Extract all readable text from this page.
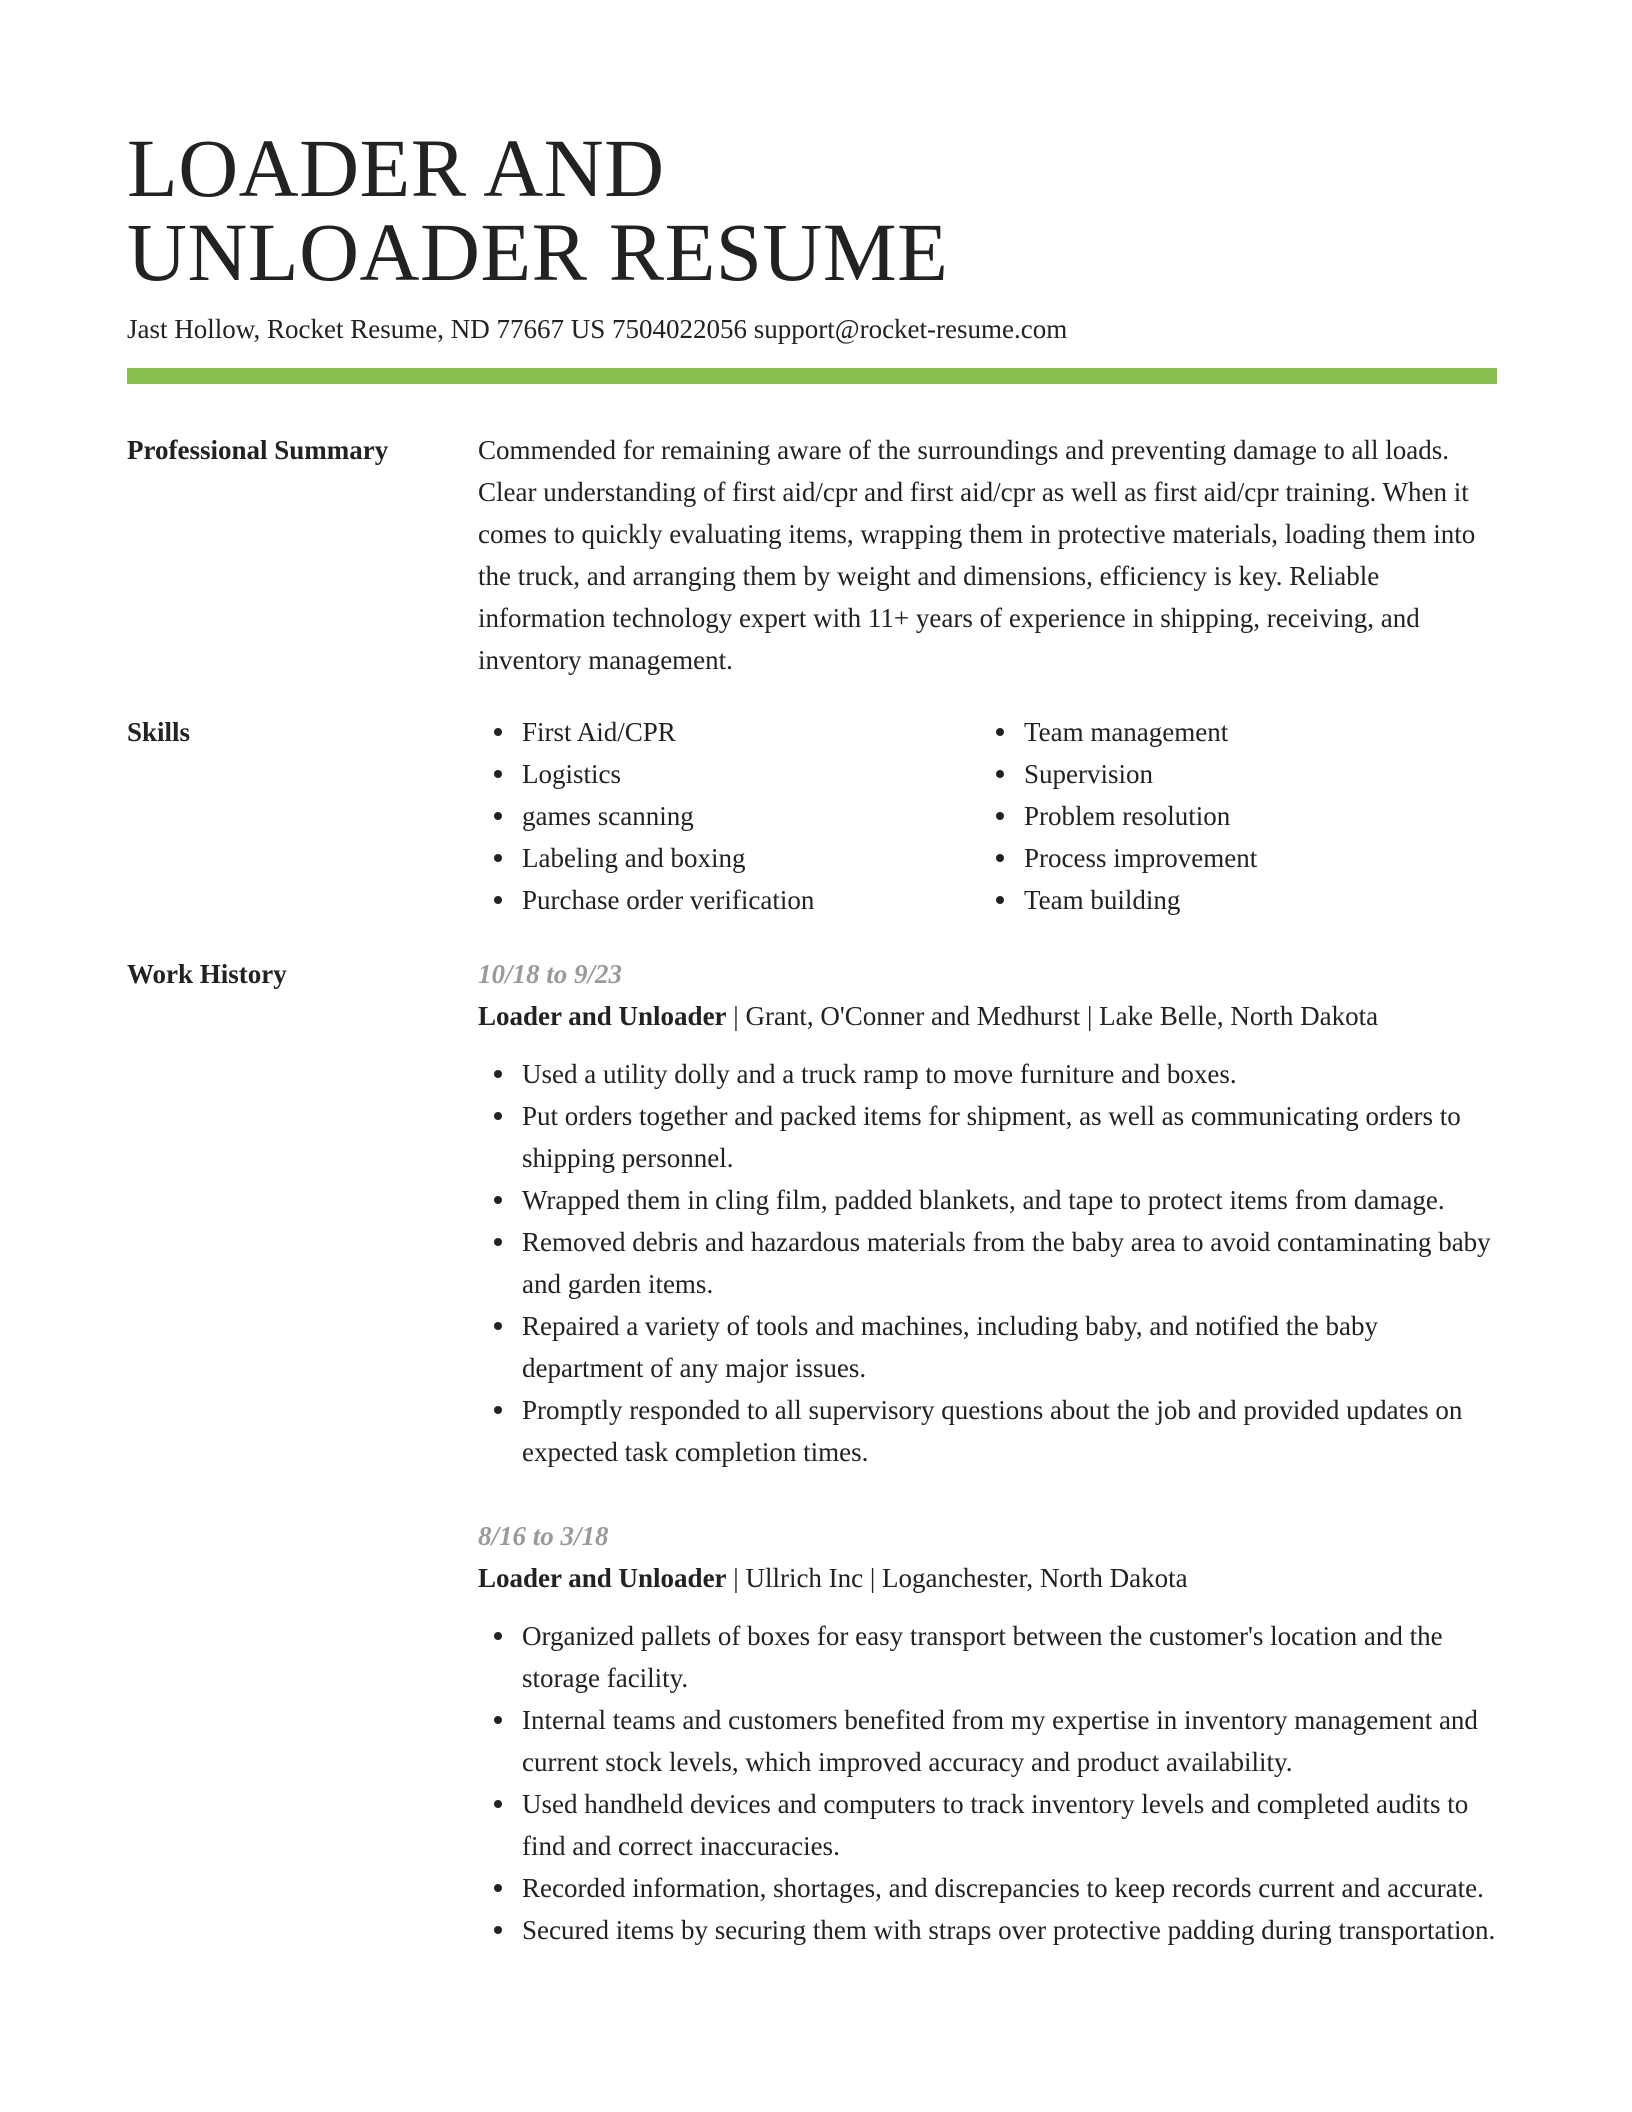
LOADER AND
UNLOADER RESUME
Jast Hollow, Rocket Resume, ND 77667 US 7504022056 support@rocket-resume.com
Professional Summary	Commended for remaining aware of the surroundings and preventing damage to all loads. Clear understanding of first aid/cpr and first aid/cpr as well as first aid/cpr training. When it comes to quickly evaluating items, wrapping them in protective materials, loading them into the truck, and arranging them by weight and dimensions, efficiency is key. Reliable information technology expert with 11+ years of experience in shipping, receiving, and inventory management.

Skills	First Aid/CPR
Logistics
games scanning
Labeling and boxing
Purchase order verification
Team management
Supervision
Problem resolution
Process improvement
Team building
Work History	10/18 to 9/23
Loader and Unloader | Grant, O'Conner and Medhurst | Lake Belle, North Dakota
Used a utility dolly and a truck ramp to move furniture and boxes.
Put orders together and packed items for shipment, as well as communicating orders to shipping personnel.
Wrapped them in cling film, padded blankets, and tape to protect items from damage.
Removed debris and hazardous materials from the baby area to avoid contaminating baby and garden items.
Repaired a variety of tools and machines, including baby, and notified the baby department of any major issues.
Promptly responded to all supervisory questions about the job and provided updates on expected task completion times.
8/16 to 3/18
Loader and Unloader | Ullrich Inc | Loganchester, North Dakota
Organized pallets of boxes for easy transport between the customer's location and the storage facility.
Internal teams and customers benefited from my expertise in inventory management and current stock levels, which improved accuracy and product availability.
Used handheld devices and computers to track inventory levels and completed audits to find and correct inaccuracies.
Recorded information, shortages, and discrepancies to keep records current and accurate.
Secured items by securing them with straps over protective padding during transportation.
